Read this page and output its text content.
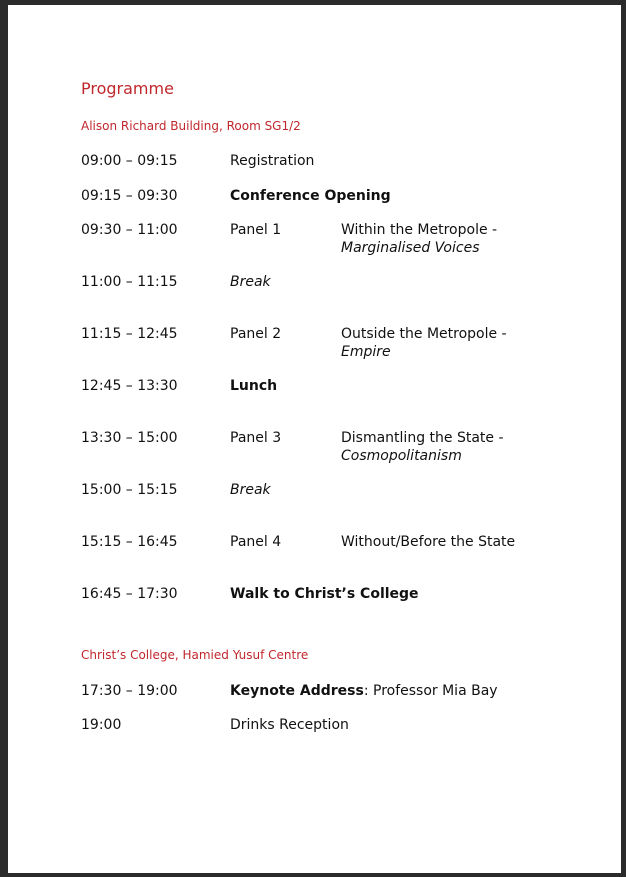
Programme
Alison Richard Building, Room SG1/2
09:00 – 09:15	Registration
09:15 – 09:30	Conference Opening
09:30 – 11:00	Panel 1	Within the Metropole -
Marginalised Voices
11:00 – 11:15	Break
11:15 – 12:45	Panel 2	Outside the Metropole -
Empire
12:45 – 13:30	Lunch
13:30 – 15:00	Panel 3	Dismantling the State -
Cosmopolitanism
15:00 – 15:15	Break
15:15 – 16:45	Panel 4	Without/Before the State
16:45 – 17:30	Walk to Christ’s College
Christ’s College, Hamied Yusuf Centre
17:30 – 19:00	Keynote Address: Professor Mia Bay
19:00	Drinks Reception
